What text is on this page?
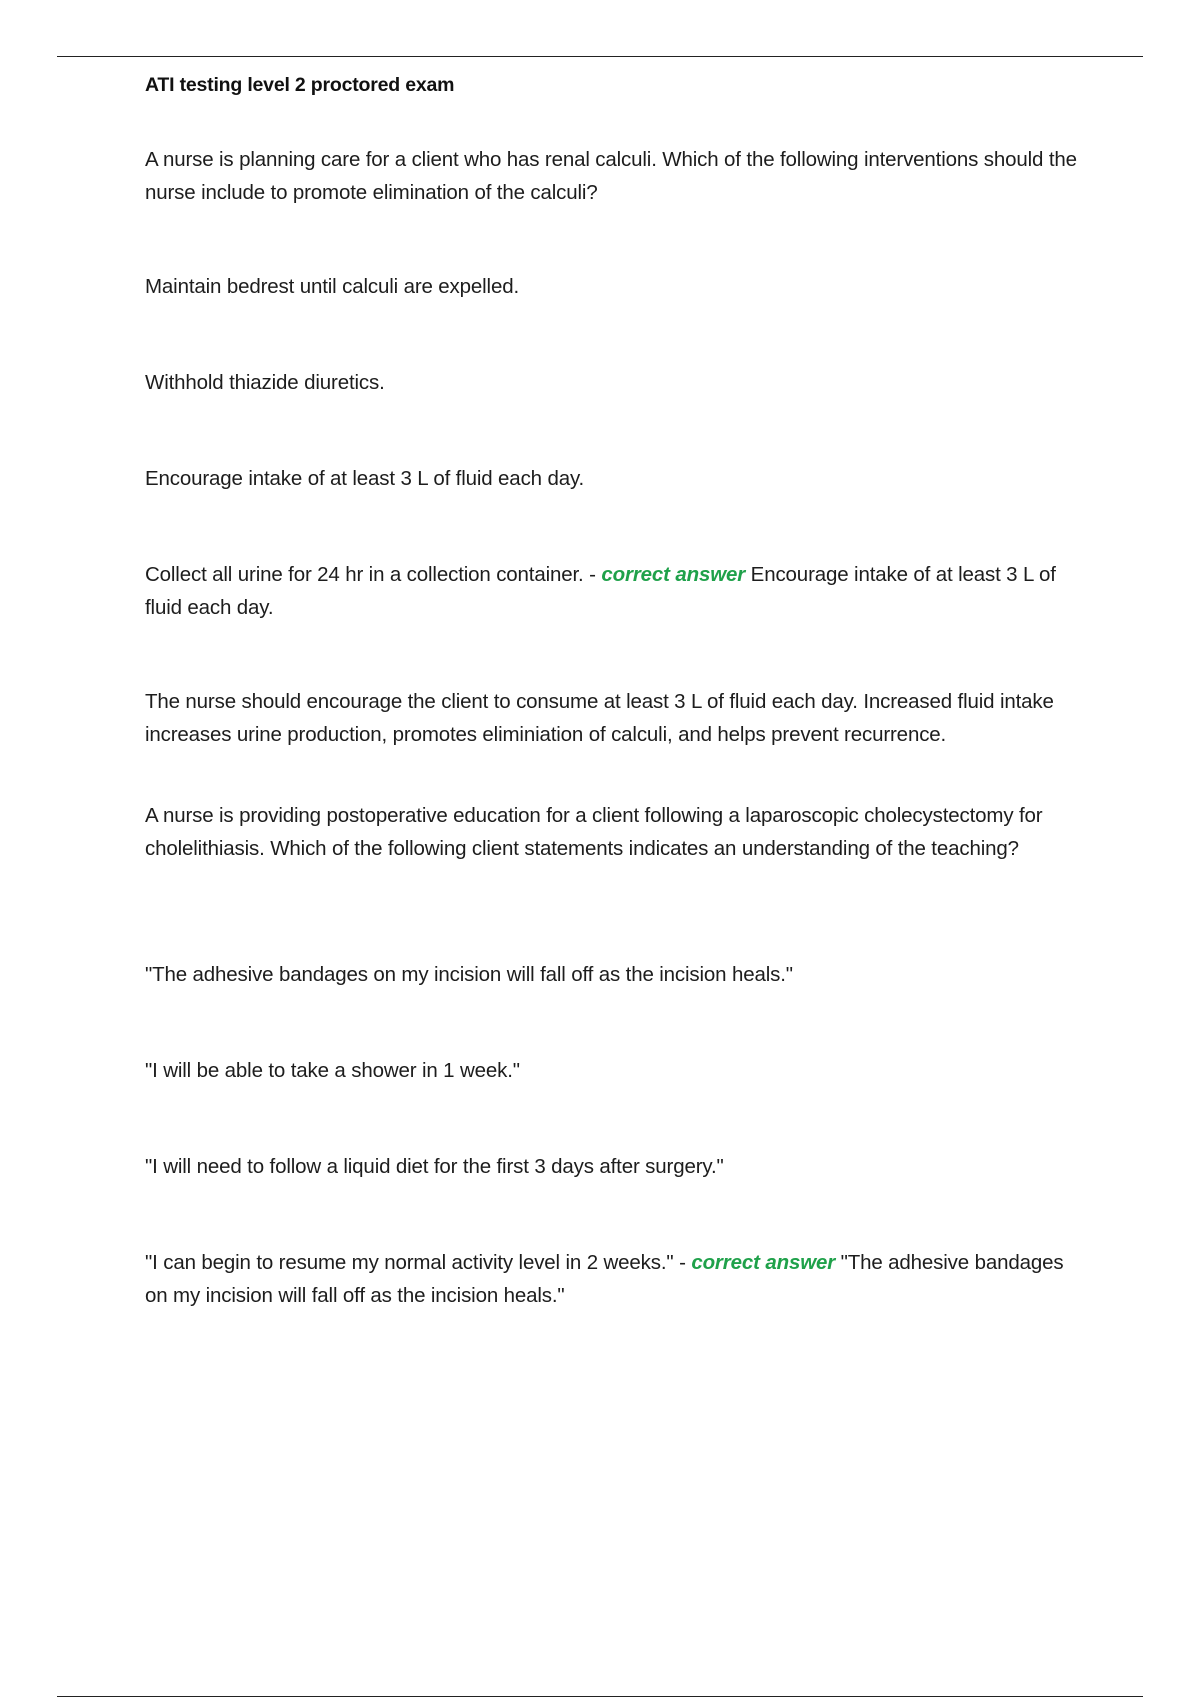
ATI testing level 2 proctored exam
A nurse is planning care for a client who has renal calculi. Which of the following interventions should the nurse include to promote elimination of the calculi?
Maintain bedrest until calculi are expelled.
Withhold thiazide diuretics.
Encourage intake of at least 3 L of fluid each day.
Collect all urine for 24 hr in a collection container. - correct answer Encourage intake of at least 3 L of fluid each day.
The nurse should encourage the client to consume at least 3 L of fluid each day. Increased fluid intake increases urine production, promotes eliminiation of calculi, and helps prevent recurrence.
A nurse is providing postoperative education for a client following a laparoscopic cholecystectomy for cholelithiasis. Which of the following client statements indicates an understanding of the teaching?
"The adhesive bandages on my incision will fall off as the incision heals."
"I will be able to take a shower in 1 week."
"I will need to follow a liquid diet for the first 3 days after surgery."
"I can begin to resume my normal activity level in 2 weeks." - correct answer "The adhesive bandages on my incision will fall off as the incision heals."
